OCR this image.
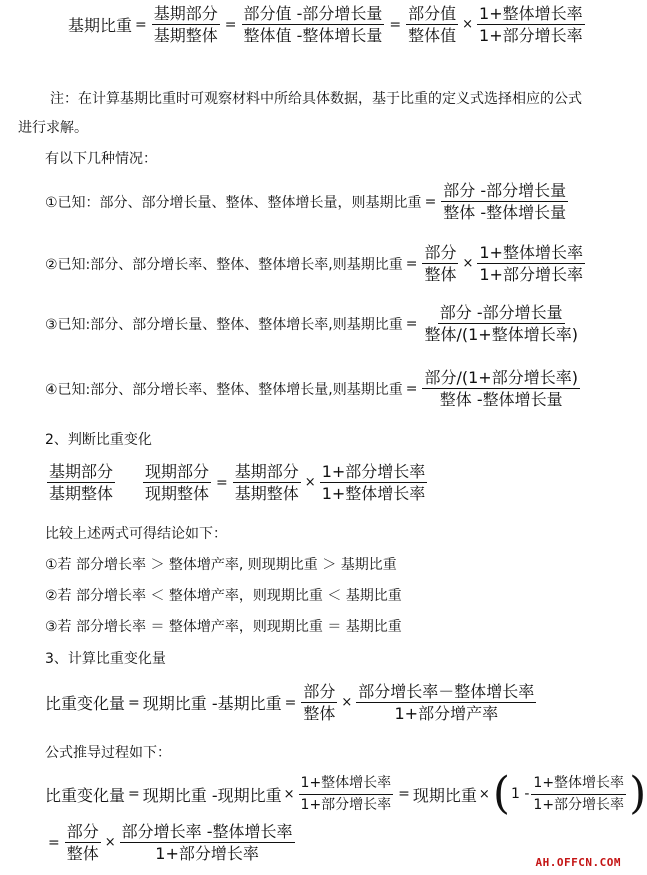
基期比重 = $\frac{\text{基期部分}}{\text{基期整体}} = \frac{\text{部分值 -部分增长量}}{\text{整体值 -整体增长量}} = \frac{\text{部分值}}{\text{整体值}} \times \frac{\text{1+整体增长率}}{\text{1+部分增长率}}$
注：在计算基期比重时可观察材料中所给具体数据，基于比重的定义式选择相应的公式
进行求解。
有以下几种情况：
①已知：部分、部分增长量、整体、整体增长量，则基期比重 = $\frac{\text{部分 -部分增长量}}{\text{整体 -整体增长量}}$
②已知:部分、部分增长率、整体、整体增长率,则基期比重 = $\frac{\text{部分}}{\text{整体}} \times \frac{\text{1+整体增长率}}{\text{1+部分增长率}}$
③已知:部分、部分增长量、整体、整体增长率,则基期比重 = $\frac{\text{部分 -部分增长量}}{\text{整体/(1+整体增长率)}}$
④已知:部分、部分增长率、整体、整体增长量,则基期比重 = $\frac{\text{部分/(1+部分增长率)}}{\text{整体 -整体增长量}}$
2、判断比重变化
$\frac{\text{基期部分}}{\text{基期整体}} \frac{\text{现期部分}}{\text{现期整体}} = \frac{\text{基期部分}}{\text{基期整体}} \times \frac{\text{1+部分增长率}}{\text{1+整体增长率}}$
比较上述两式可得结论如下：
①若 部分增长率 ＞ 整体增产率, 则现期比重 ＞ 基期比重
②若 部分增长率 ＜ 整体增产率，则现期比重 ＜ 基期比重
③若 部分增长率 ＝ 整体增产率，则现期比重 ＝ 基期比重
3、计算比重变化量
比重变化量 = 现期比重 -基期比重 = $\frac{\text{部分}}{\text{整体}} \times \frac{\text{部分增长率－整体增长率}}{\text{1+部分增产率}}$
公式推导过程如下：
比重变化量 = 现期比重 -现期比重 × $\frac{\text{1+整体增长率}}{\text{1+部分增长率}}$ = 现期比重 × ( $1 - \frac{\text{1+整体增长率}}{\text{1+部分增长率}}$ )
= $\frac{\text{部分}}{\text{整体}} \times \frac{\text{部分增长率 -整体增长率}}{\text{1+部分增长率}}$	AH.OFFCN.COM
